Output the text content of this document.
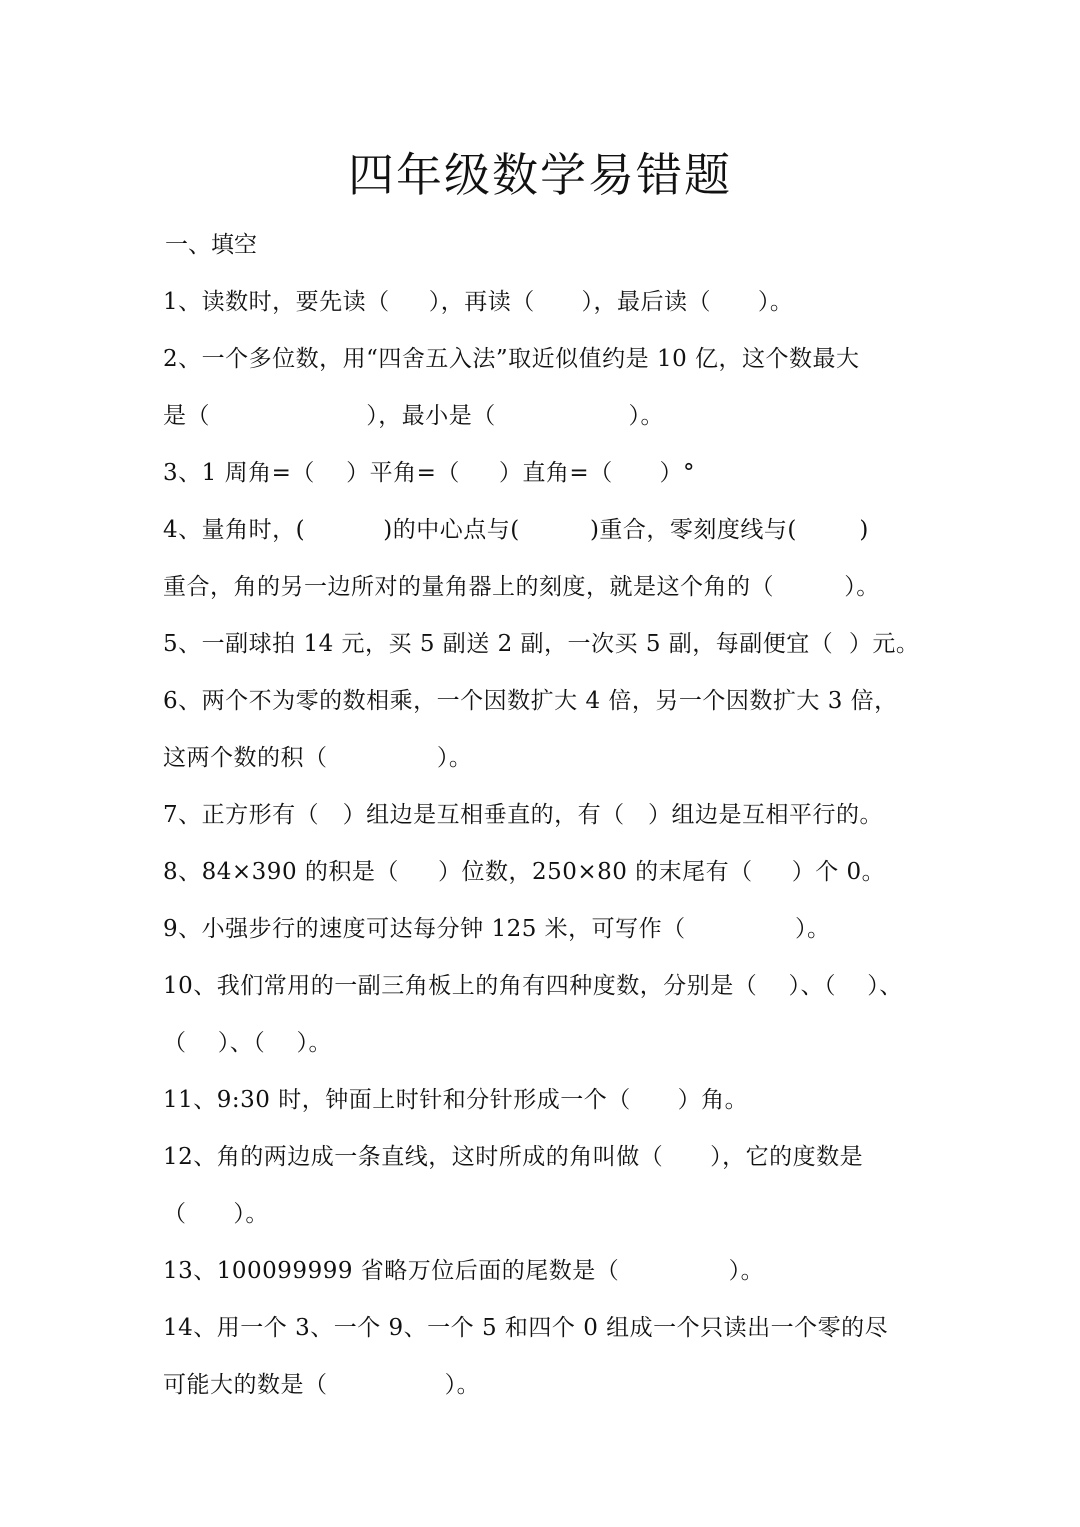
四年级数学易错题
一、填空
1、读数时，要先读（     ），再读（      ），最后读（      ）。
2、一个多位数，用“四舍五入法”取近似值约是 10 亿，这个数最大
是（                    ），最小是（                 ）。
3、1 周角=（    ）平角=（     ）直角=（      ）°
4、量角时，(          )的中心点与(         )重合，零刻度线与(        )
重合，角的另一边所对的量角器上的刻度，就是这个角的（         ）。
5、一副球拍 14 元，买 5 副送 2 副，一次买 5 副，每副便宜（  ）元。
6、两个不为零的数相乘，一个因数扩大 4 倍，另一个因数扩大 3 倍，
这两个数的积（              ）。
7、正方形有（   ）组边是互相垂直的，有（   ）组边是互相平行的。
8、84×390 的积是（     ）位数，250×80 的末尾有（     ）个 0。
9、小强步行的速度可达每分钟 125 米，可写作（              ）。
10、我们常用的一副三角板上的角有四种度数，分别是（    ）、（    ）、
（    ）、（    ）。
11、9:30 时，钟面上时针和分针形成一个（      ）角。
12、角的两边成一条直线，这时所成的角叫做（      ），它的度数是
（      ）。
13、100099999 省略万位后面的尾数是（              ）。
14、用一个 3、一个 9、一个 5 和四个 0 组成一个只读出一个零的尽
可能大的数是（               ）。
